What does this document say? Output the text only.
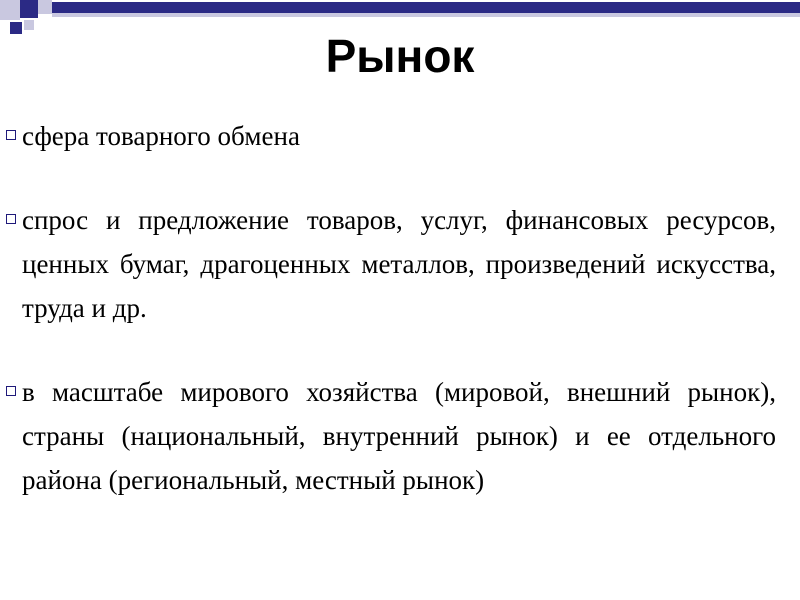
Рынок
сфера товарного обмена
спрос и предложение товаров, услуг, финансовых ресурсов, ценных бумаг, драгоценных металлов, произведений искусства, труда и др.
в масштабе мирового хозяйства (мировой, внешний рынок), страны (национальный, внутренний рынок) и ее отдельного района (региональный, местный рынок)
